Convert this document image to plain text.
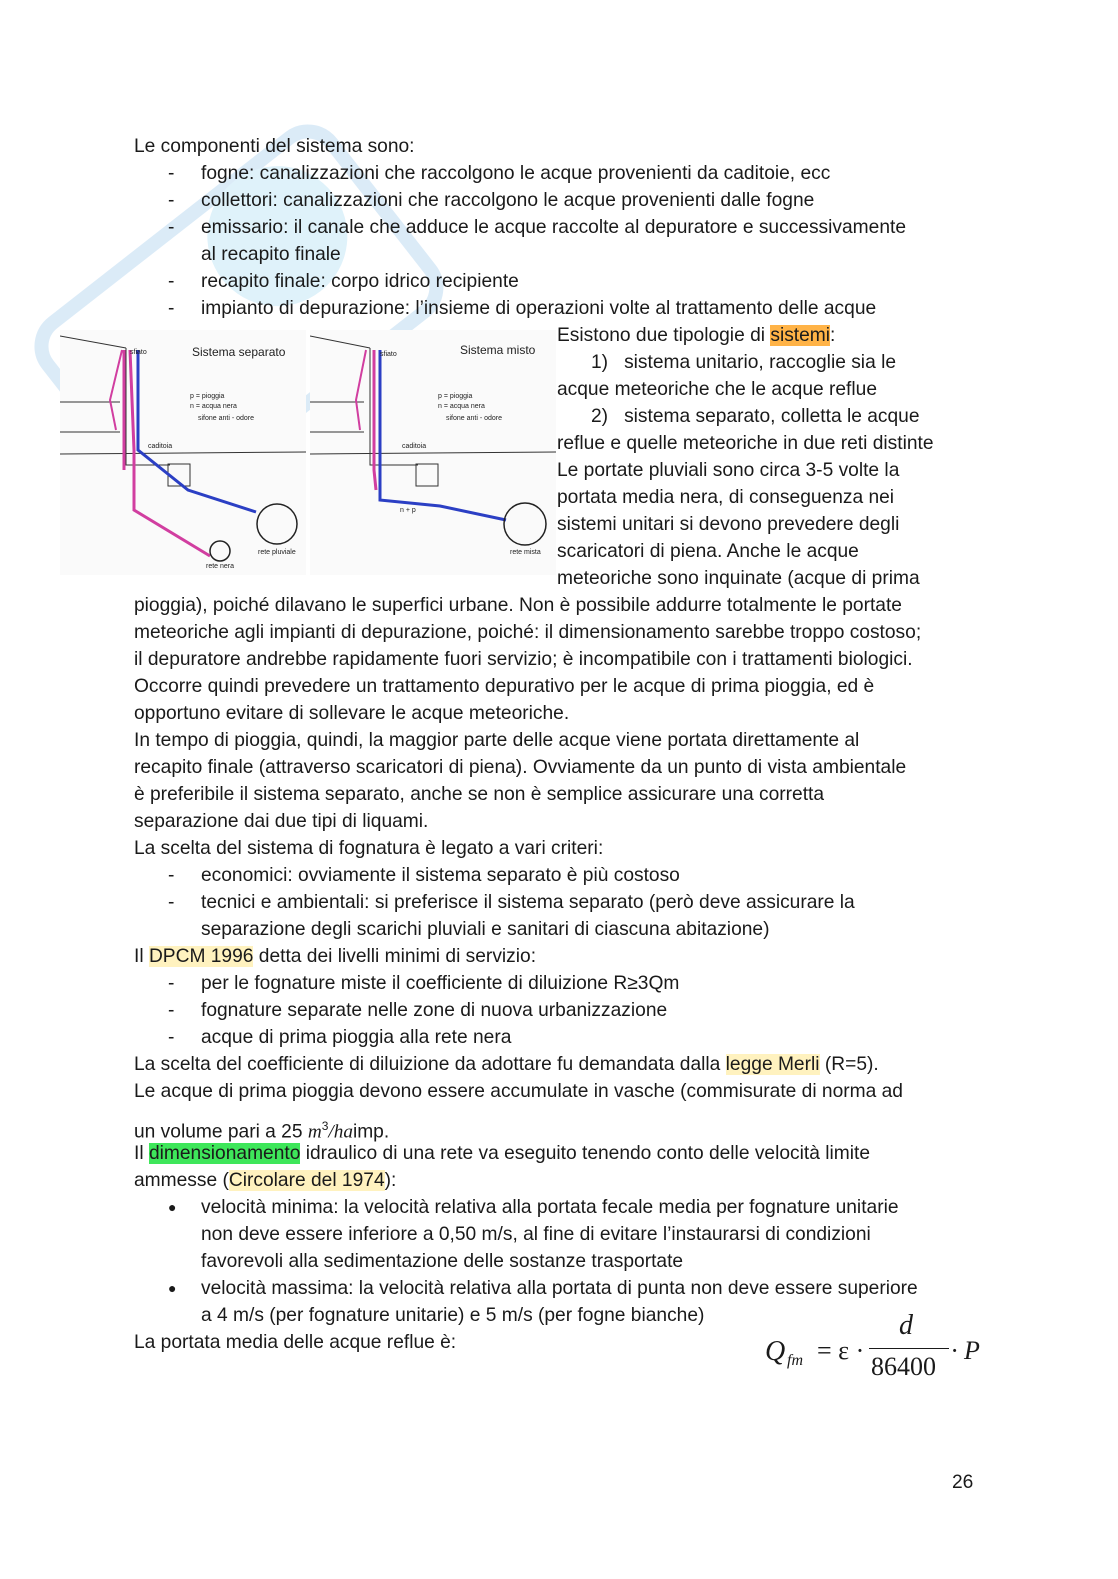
Le componenti del sistema sono:
- fogne: canalizzazioni che raccolgono le acque provenienti da caditoie, ecc
- collettori: canalizzazioni che raccolgono le acque provenienti dalle fogne
- emissario: il canale che adduce le acque raccolte al depuratore e successivamente
al recapito finale
- recapito finale: corpo idrico recipiente
- impianto di depurazione: l’insieme di operazioni volte al trattamento delle acque
Sistema separato
sfiato
p = pioggia
n = acqua nera
sifone anti - odore
caditoia
rete pluviale
rete nera
Sistema misto
sfiato
p = pioggia
n = acqua nera
sifone anti - odore
caditoia
n + p
rete mista
Esistono due tipologie di sistemi:
1) sistema unitario, raccoglie sia le
acque meteoriche che le acque reflue
2) sistema separato, colletta le acque
reflue e quelle meteoriche in due reti distinte
Le portate pluviali sono circa 3-5 volte la
portata media nera, di conseguenza nei
sistemi unitari si devono prevedere degli
scaricatori di piena. Anche le acque
meteoriche sono inquinate (acque di prima
pioggia), poiché dilavano le superfici urbane. Non è possibile addurre totalmente le portate
meteoriche agli impianti di depurazione, poiché: il dimensionamento sarebbe troppo costoso;
il depuratore andrebbe rapidamente fuori servizio; è incompatibile con i trattamenti biologici.
Occorre quindi prevedere un trattamento depurativo per le acque di prima pioggia, ed è
opportuno evitare di sollevare le acque meteoriche.
In tempo di pioggia, quindi, la maggior parte delle acque viene portata direttamente al
recapito finale (attraverso scaricatori di piena). Ovviamente da un punto di vista ambientale
è preferibile il sistema separato, anche se non è semplice assicurare una corretta
separazione dai due tipi di liquami.
La scelta del sistema di fognatura è legato a vari criteri:
- economici: ovviamente il sistema separato è più costoso
- tecnici e ambientali: si preferisce il sistema separato (però deve assicurare la
separazione degli scarichi pluviali e sanitari di ciascuna abitazione)
Il DPCM 1996 detta dei livelli minimi di servizio:
- per le fognature miste il coefficiente di diluizione R≥3Qm
- fognature separate nelle zone di nuova urbanizzazione
- acque di prima pioggia alla rete nera
La scelta del coefficiente di diluizione da adottare fu demandata dalla legge Merli (R=5).
Le acque di prima pioggia devono essere accumulate in vasche (commisurate di norma ad
un volume pari a 25 $m^3$/haimp.
Il dimensionamento idraulico di una rete va eseguito tenendo conto delle velocità limite
ammesse (Circolare del 1974):
● velocità minima: la velocità relativa alla portata fecale media per fognature unitarie
non deve essere inferiore a 0,50 m/s, al fine di evitare l’instaurarsi di condizioni
favorevoli alla sedimentazione delle sostanze trasportate
● velocità massima: la velocità relativa alla portata di punta non deve essere superiore
a 4 m/s (per fognature unitarie) e 5 m/s (per fogne bianche)
La portata media delle acque reflue è:	Q fm = ε ·
d
86400
· P
26
